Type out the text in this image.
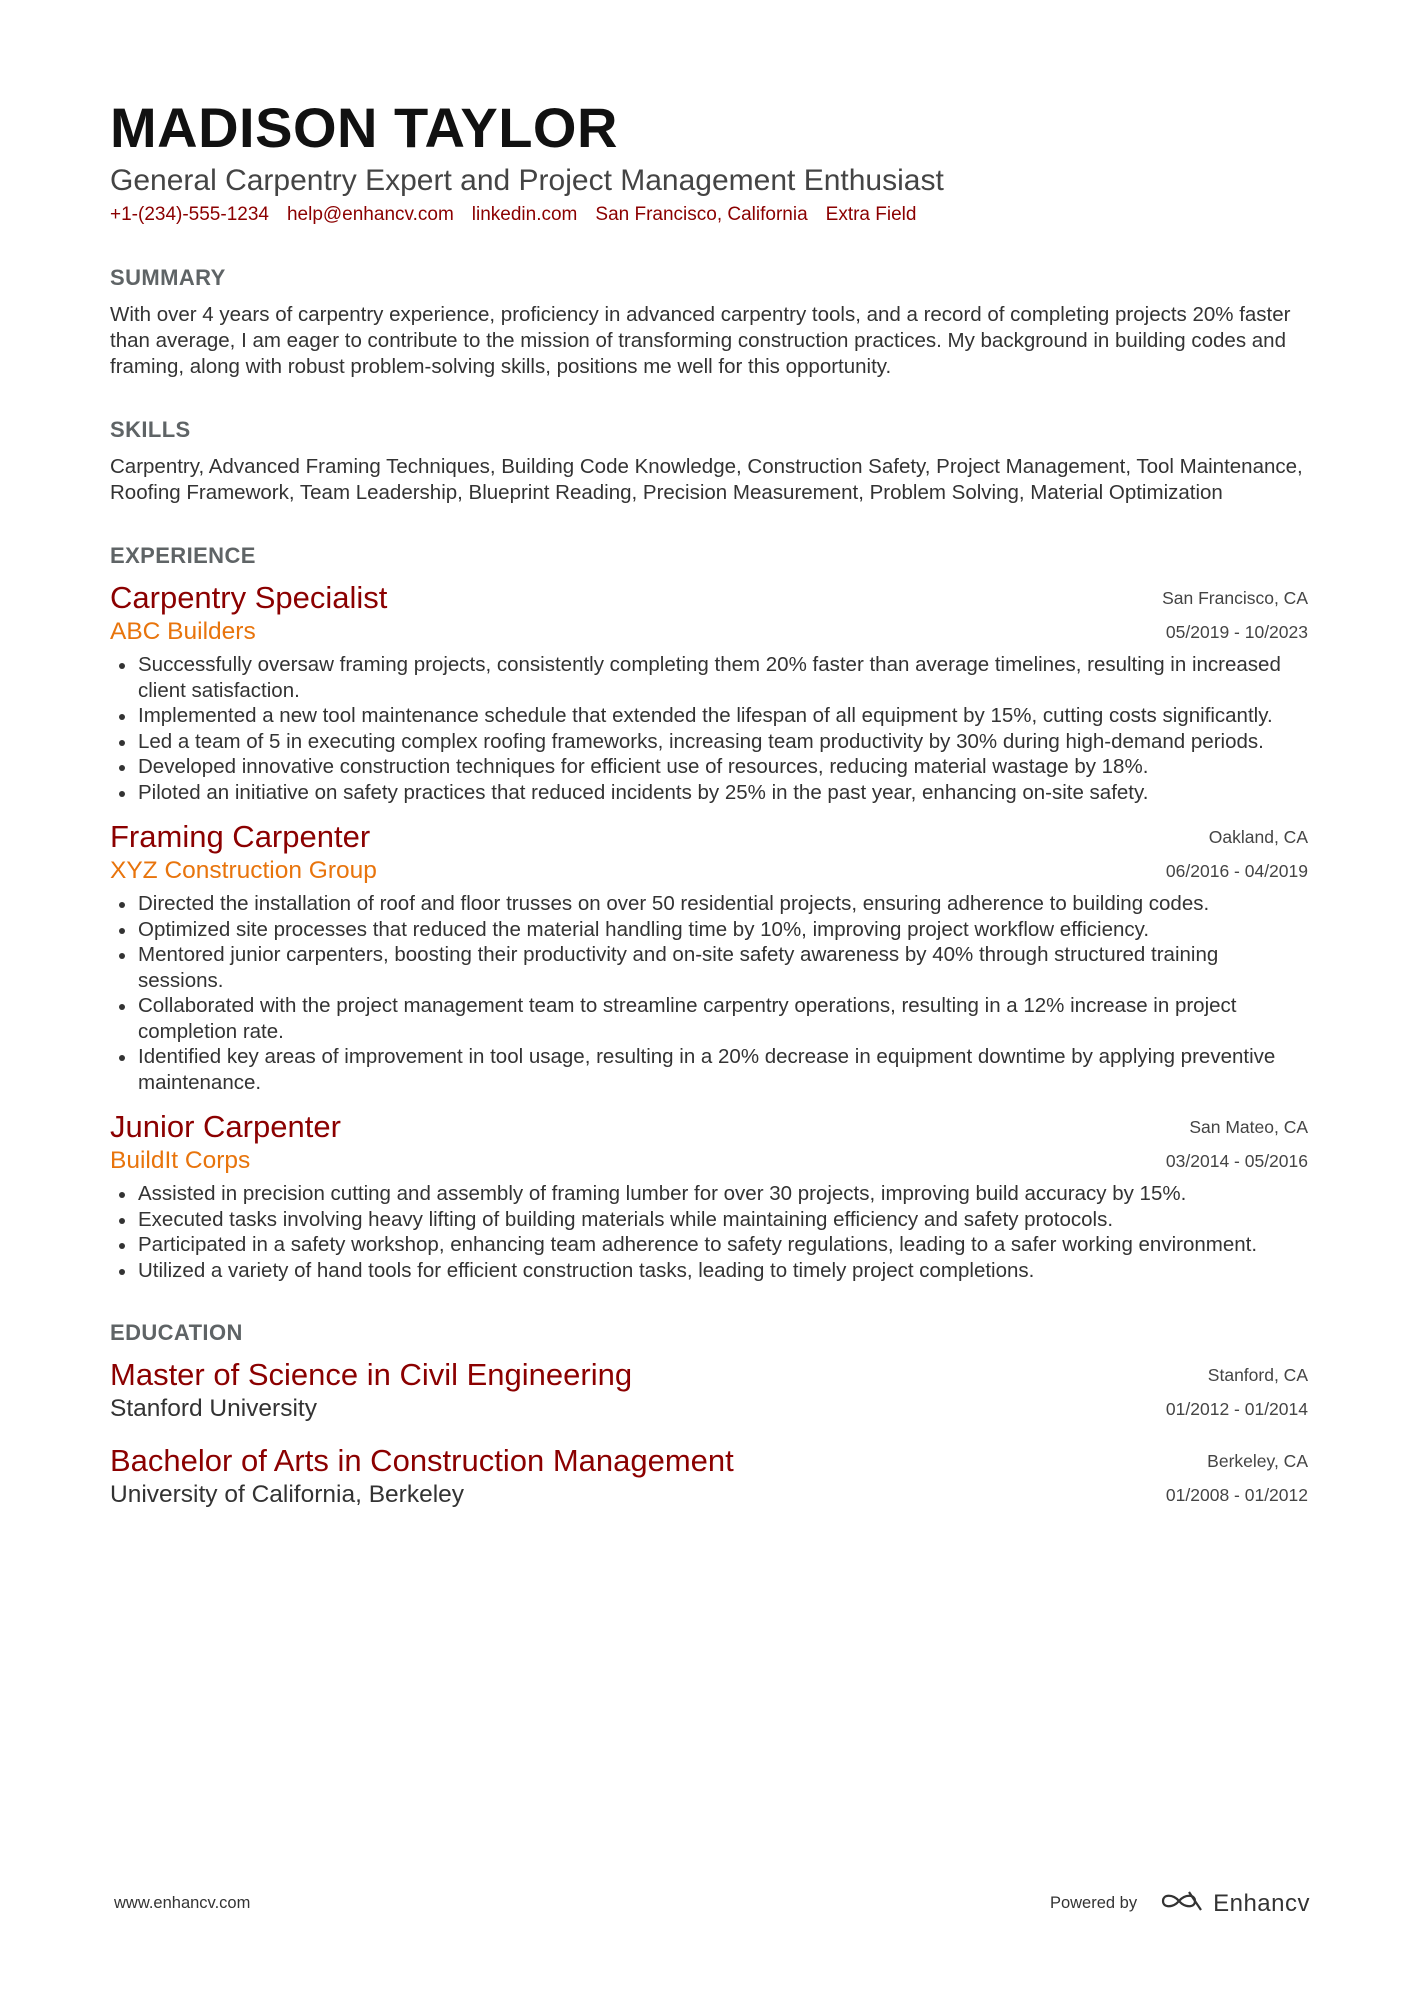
MADISON TAYLOR
General Carpentry Expert and Project Management Enthusiast
+1-(234)-555-1234 help@enhancv.com linkedin.com San Francisco, California Extra Field
SUMMARY
With over 4 years of carpentry experience, proficiency in advanced carpentry tools, and a record of completing projects 20% faster than average, I am eager to contribute to the mission of transforming construction practices. My background in building codes and framing, along with robust problem-solving skills, positions me well for this opportunity.
SKILLS
Carpentry, Advanced Framing Techniques, Building Code Knowledge, Construction Safety, Project Management, Tool Maintenance, Roofing Framework, Team Leadership, Blueprint Reading, Precision Measurement, Problem Solving, Material Optimization
EXPERIENCE
Carpentry Specialist	San Francisco, CA
ABC Builders	05/2019 - 10/2023
Successfully oversaw framing projects, consistently completing them 20% faster than average timelines, resulting in increased client satisfaction.
Implemented a new tool maintenance schedule that extended the lifespan of all equipment by 15%, cutting costs significantly.
Led a team of 5 in executing complex roofing frameworks, increasing team productivity by 30% during high-demand periods.
Developed innovative construction techniques for efficient use of resources, reducing material wastage by 18%.
Piloted an initiative on safety practices that reduced incidents by 25% in the past year, enhancing on-site safety.
Framing Carpenter	Oakland, CA
XYZ Construction Group	06/2016 - 04/2019
Directed the installation of roof and floor trusses on over 50 residential projects, ensuring adherence to building codes.
Optimized site processes that reduced the material handling time by 10%, improving project workflow efficiency.
Mentored junior carpenters, boosting their productivity and on-site safety awareness by 40% through structured training sessions.
Collaborated with the project management team to streamline carpentry operations, resulting in a 12% increase in project completion rate.
Identified key areas of improvement in tool usage, resulting in a 20% decrease in equipment downtime by applying preventive maintenance.
Junior Carpenter	San Mateo, CA
BuildIt Corps	03/2014 - 05/2016
Assisted in precision cutting and assembly of framing lumber for over 30 projects, improving build accuracy by 15%.
Executed tasks involving heavy lifting of building materials while maintaining efficiency and safety protocols.
Participated in a safety workshop, enhancing team adherence to safety regulations, leading to a safer working environment.
Utilized a variety of hand tools for efficient construction tasks, leading to timely project completions.
EDUCATION
Master of Science in Civil Engineering	Stanford, CA
Stanford University	01/2012 - 01/2014
Bachelor of Arts in Construction Management	Berkeley, CA
University of California, Berkeley	01/2008 - 01/2012
www.enhancv.com	Powered by	Enhancv
